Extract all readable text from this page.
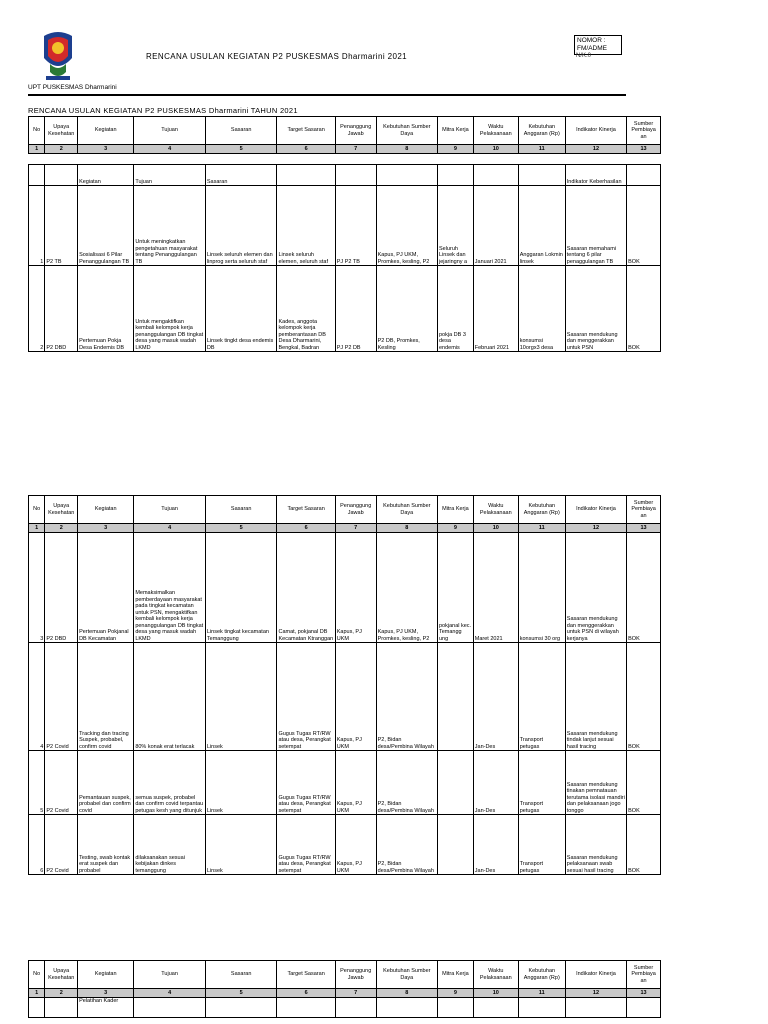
RENCANA USULAN KEGIATAN P2 PUSKESMAS Dharmarini 2021
NOMOR :
FM/ADME
N/K.0
UPT PUSKESMAS Dharmarini
RENCANA USULAN KEGIATAN P2 PUSKESMAS Dharmarini TAHUN 2021
No	Upaya Kesehatan	Kegiatan	Tujuan	Sasaran	Target Sasaran	Penanggung Jawab	Kebutuhan Sumber Daya	Mitra Kerja	Waktu Pelaksanaan	Kebutuhan Anggaran (Rp)	Indikator Kinerja	Sumber Pembiaya an
1	2	3	4	5	6	7	8	9	10	11	12	13
		Kegiatan	Tujuan	Sasaran							Indikator Keberhasilan	
1	P2 TB	Sosialisasi 6 Pilar Penanggulangan TB	Untuk meningkatkan pengetahuan masyarakat tentang Penanggulangan TB	Linsek seluruh elemen dan linprog serta seluruh staf	Linsek seluruh elemen, seluruh staf	PJ P2 TB	Kapus, PJ UKM, Promkes, kesling, P2	Seluruh Linsek dan jejaringny a	Januari 2021	Anggaran Lokmin linsek	Sasaran memahami tentang 6 pilar penaggulangan TB	BOK
2	P2 DBD	Pertemuan Pokja Desa Endemis DB	Untuk mengaktifkan kembali kelompok kerja penanggulangan DB tingkat desa yang masuk wadah LKMD	Linsek tingkt desa endemis DB	Kades, anggota kelompok kerja pemberantasan DB Desa Dharmarini, Bengkal, Badran	PJ P2 DB	P2 DB, Promkes, Kesling	pokja DB 3 desa endemis	Februari 2021	konsumsi 10orgx3 desa	Sasaran mendukung dan menggerakkan untuk PSN	BOK
No	Upaya Kesehatan	Kegiatan	Tujuan	Sasaran	Target Sasaran	Penanggung Jawab	Kebutuhan Sumber Daya	Mitra Kerja	Waktu Pelaksanaan	Kebutuhan Anggaran (Rp)	Indikator Kinerja	Sumber Pembiaya an
1	2	3	4	5	6	7	8	9	10	11	12	13
3	P2 DBD	Pertemuan Pokjanal DB Kecamatan	Memaksimalkan pemberdayaan masyarakat pada tingkat kecamatan untuk PSN, mengaktifkan kembali kelompok kerja penanggulangan DB tingkat desa yang masuk wadah LKMD	Linsek tingkat kecamatan Temanggung	Camat, pokjanal DB Kecamatan Ktranggan	Kapus, PJ UKM	Kapus, PJ UKM, Promkes, kesling, P2	pokjanal kec. Temangg ung	Maret 2021	konsumsi 30 org	Sasaran mendukung dan menggerakkan untuk PSN di wilayah kerjanya	BOK
4	P2 Covid	Tracking dan tracing Suspek, probabel, confirm covid	80% konak erat terlacak	Linsek	Gugus Tugas RT/RW atau desa, Perangkat setempat	Kapus, PJ UKM	P2, Bidan desa/Pembina Wilayah		Jan-Des	Transport petugas	Sasaran mendukung tindak lanjut sesuai hasil tracing	BOK
5	P2 Covid	Pemantauan suspek, probabel dan confirm covid	semua suspek, probabel dan confirm covid terpantau petugas kesh yang ditunjuk	Linsek	Gugus Tugas RT/RW atau desa, Perangkat setempat	Kapus, PJ UKM	P2, Bidan desa/Pembina Wilayah		Jan-Des	Transport petugas	Sasaran mendukung tinakan pemnatauan terutama isolasi mandiri dan pelaksanaan jogo tonggo	BOK
6	P2 Covid	Testing, swab kontak erat suspek dan probabel	dilaksanakan sesuai kebijakan dinkes temanggung	Linsek	Gugus Tugas RT/RW atau desa, Perangkat setempat	Kapus, PJ UKM	P2, Bidan desa/Pembina Wilayah		Jan-Des	Transport petugas	Sasaran mendukung pelaksanaan swab sesuai hasil tracing	BOK
No	Upaya Kesehatan	Kegiatan	Tujuan	Sasaran	Target Sasaran	Penanggung Jawab	Kebutuhan Sumber Daya	Mitra Kerja	Waktu Pelaksanaan	Kebutuhan Anggaran (Rp)	Indikator Kinerja	Sumber Pembiaya an
1	2	3	4	5	6	7	8	9	10	11	12	13
		Pelatihan Kader										
